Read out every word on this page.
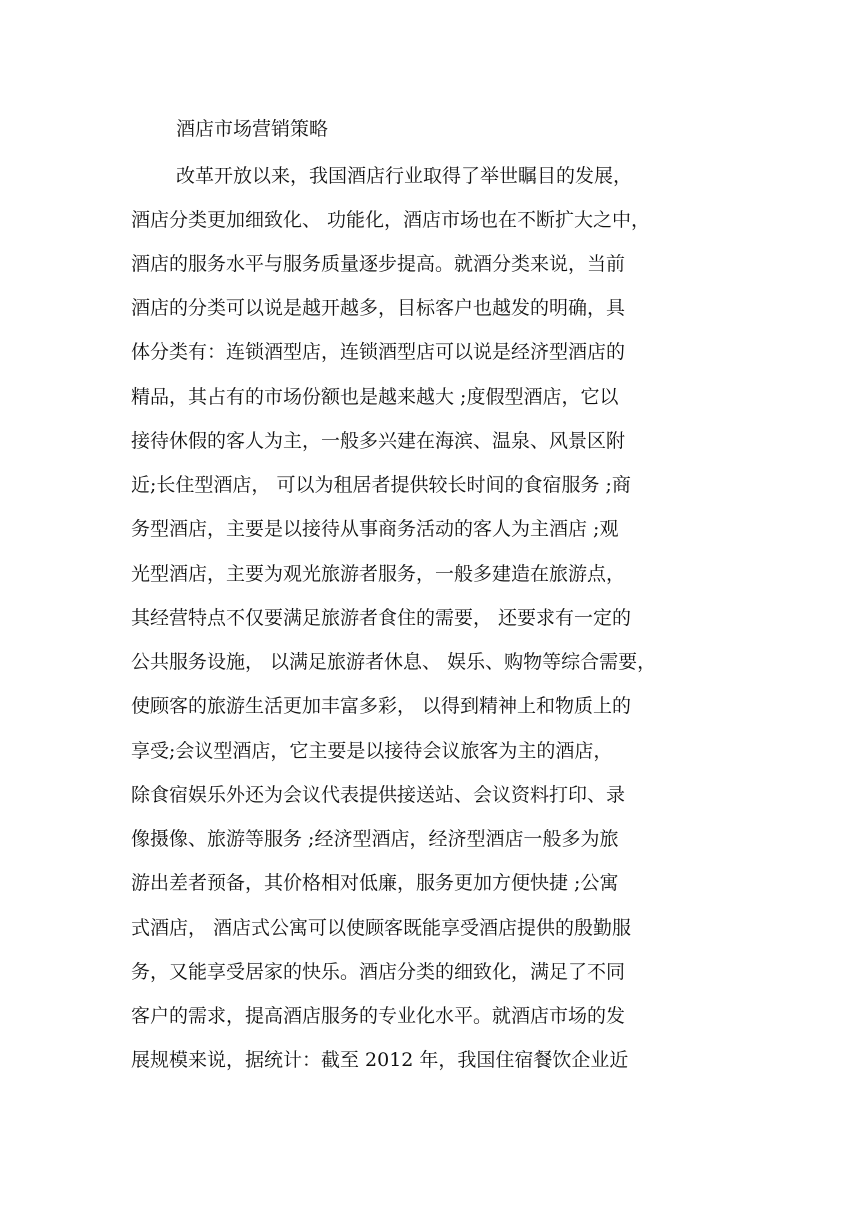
酒店市场营销策略
改革开放以来，我国酒店行业取得了举世瞩目的发展，
酒店分类更加细致化、 功能化，酒店市场也在不断扩大之中，
酒店的服务水平与服务质量逐步提高。就酒分类来说，当前
酒店的分类可以说是越开越多，目标客户也越发的明确，具
体分类有：连锁酒型店，连锁酒型店可以说是经济型酒店的
精品，其占有的市场份额也是越来越大 ;度假型酒店，它以
接待休假的客人为主，一般多兴建在海滨、温泉、风景区附
近;长住型酒店， 可以为租居者提供较长时间的食宿服务 ;商
务型酒店，主要是以接待从事商务活动的客人为主酒店 ;观
光型酒店，主要为观光旅游者服务，一般多建造在旅游点，
其经营特点不仅要满足旅游者食住的需要， 还要求有一定的
公共服务设施， 以满足旅游者休息、 娱乐、购物等综合需要，
使顾客的旅游生活更加丰富多彩， 以得到精神上和物质上的
享受;会议型酒店，它主要是以接待会议旅客为主的酒店，
除食宿娱乐外还为会议代表提供接送站、会议资料打印、录
像摄像、旅游等服务 ;经济型酒店，经济型酒店一般多为旅
游出差者预备，其价格相对低廉，服务更加方便快捷 ;公寓
式酒店， 酒店式公寓可以使顾客既能享受酒店提供的殷勤服
务，又能享受居家的快乐。酒店分类的细致化，满足了不同
客户的需求，提高酒店服务的专业化水平。就酒店市场的发
展规模来说，据统计：截至 2012 年，我国住宿餐饮企业近
